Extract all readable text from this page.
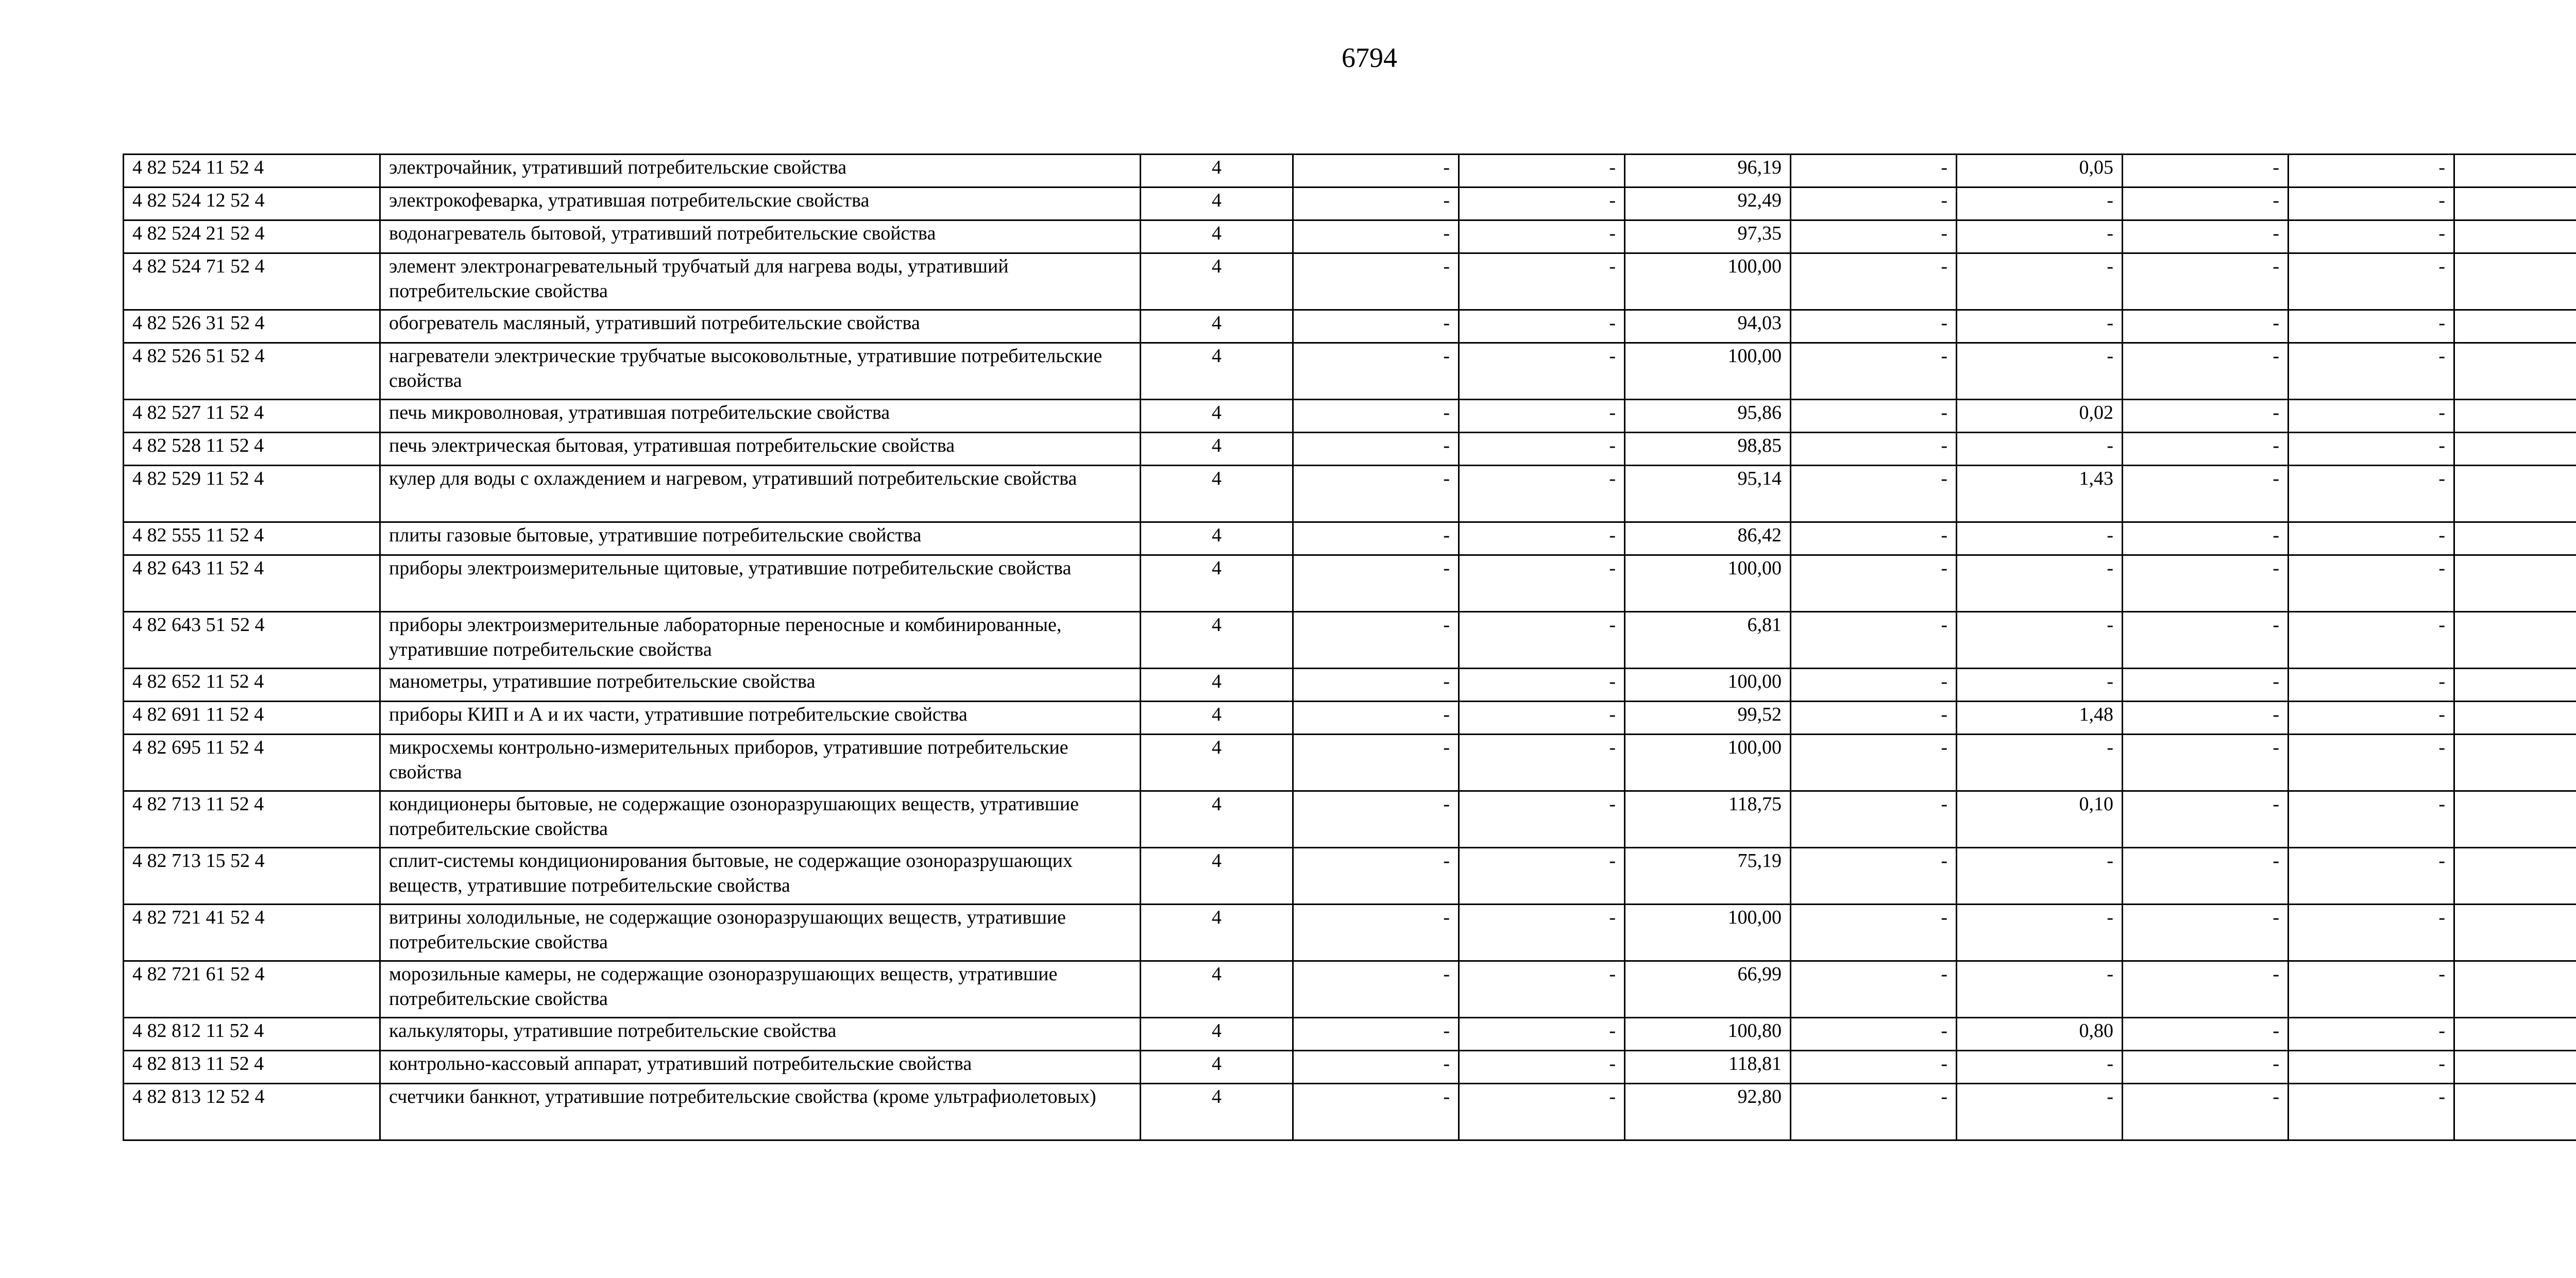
6794
4 82 524 11 52 4	электрочайник, утративший потребительские свойства	4	-	-	96,19	-	0,05	-	-	
4 82 524 12 52 4	электрокофеварка, утратившая потребительские свойства	4	-	-	92,49	-	-	-	-	
4 82 524 21 52 4	водонагреватель бытовой, утративший потребительские свойства	4	-	-	97,35	-	-	-	-	
4 82 524 71 52 4	элемент электронагревательный трубчатый для нагрева воды, утративший потребительские свойства	4	-	-	100,00	-	-	-	-	
4 82 526 31 52 4	обогреватель масляный, утративший потребительские свойства	4	-	-	94,03	-	-	-	-	
4 82 526 51 52 4	нагреватели электрические трубчатые высоковольтные, утратившие потребительские свойства	4	-	-	100,00	-	-	-	-	
4 82 527 11 52 4	печь микроволновая, утратившая потребительские свойства	4	-	-	95,86	-	0,02	-	-	
4 82 528 11 52 4	печь электрическая бытовая, утратившая потребительские свойства	4	-	-	98,85	-	-	-	-	
4 82 529 11 52 4	кулер для воды с охлаждением и нагревом, утративший потребительские свойства	4	-	-	95,14	-	1,43	-	-	
4 82 555 11 52 4	плиты газовые бытовые, утратившие потребительские свойства	4	-	-	86,42	-	-	-	-	
4 82 643 11 52 4	приборы электроизмерительные щитовые, утратившие потребительские свойства	4	-	-	100,00	-	-	-	-	
4 82 643 51 52 4	приборы электроизмерительные лабораторные переносные и комбинированные, утратившие потребительские свойства	4	-	-	6,81	-	-	-	-	
4 82 652 11 52 4	манометры, утратившие потребительские свойства	4	-	-	100,00	-	-	-	-	
4 82 691 11 52 4	приборы КИП и А и их части, утратившие потребительские свойства	4	-	-	99,52	-	1,48	-	-	
4 82 695 11 52 4	микросхемы контрольно-измерительных приборов, утратившие потребительские свойства	4	-	-	100,00	-	-	-	-	
4 82 713 11 52 4	кондиционеры бытовые, не содержащие озоноразрушающих веществ, утратившие потребительские свойства	4	-	-	118,75	-	0,10	-	-	
4 82 713 15 52 4	сплит-системы кондиционирования бытовые, не содержащие озоноразрушающих веществ, утратившие потребительские свойства	4	-	-	75,19	-	-	-	-	
4 82 721 41 52 4	витрины холодильные, не содержащие озоноразрушающих веществ, утратившие потребительские свойства	4	-	-	100,00	-	-	-	-	
4 82 721 61 52 4	морозильные камеры, не содержащие озоноразрушающих веществ, утратившие потребительские свойства	4	-	-	66,99	-	-	-	-	
4 82 812 11 52 4	калькуляторы, утратившие потребительские свойства	4	-	-	100,80	-	0,80	-	-	
4 82 813 11 52 4	контрольно-кассовый аппарат, утративший потребительские свойства	4	-	-	118,81	-	-	-	-	
4 82 813 12 52 4	счетчики банкнот, утратившие потребительские свойства (кроме ультрафиолетовых)	4	-	-	92,80	-	-	-	-	
